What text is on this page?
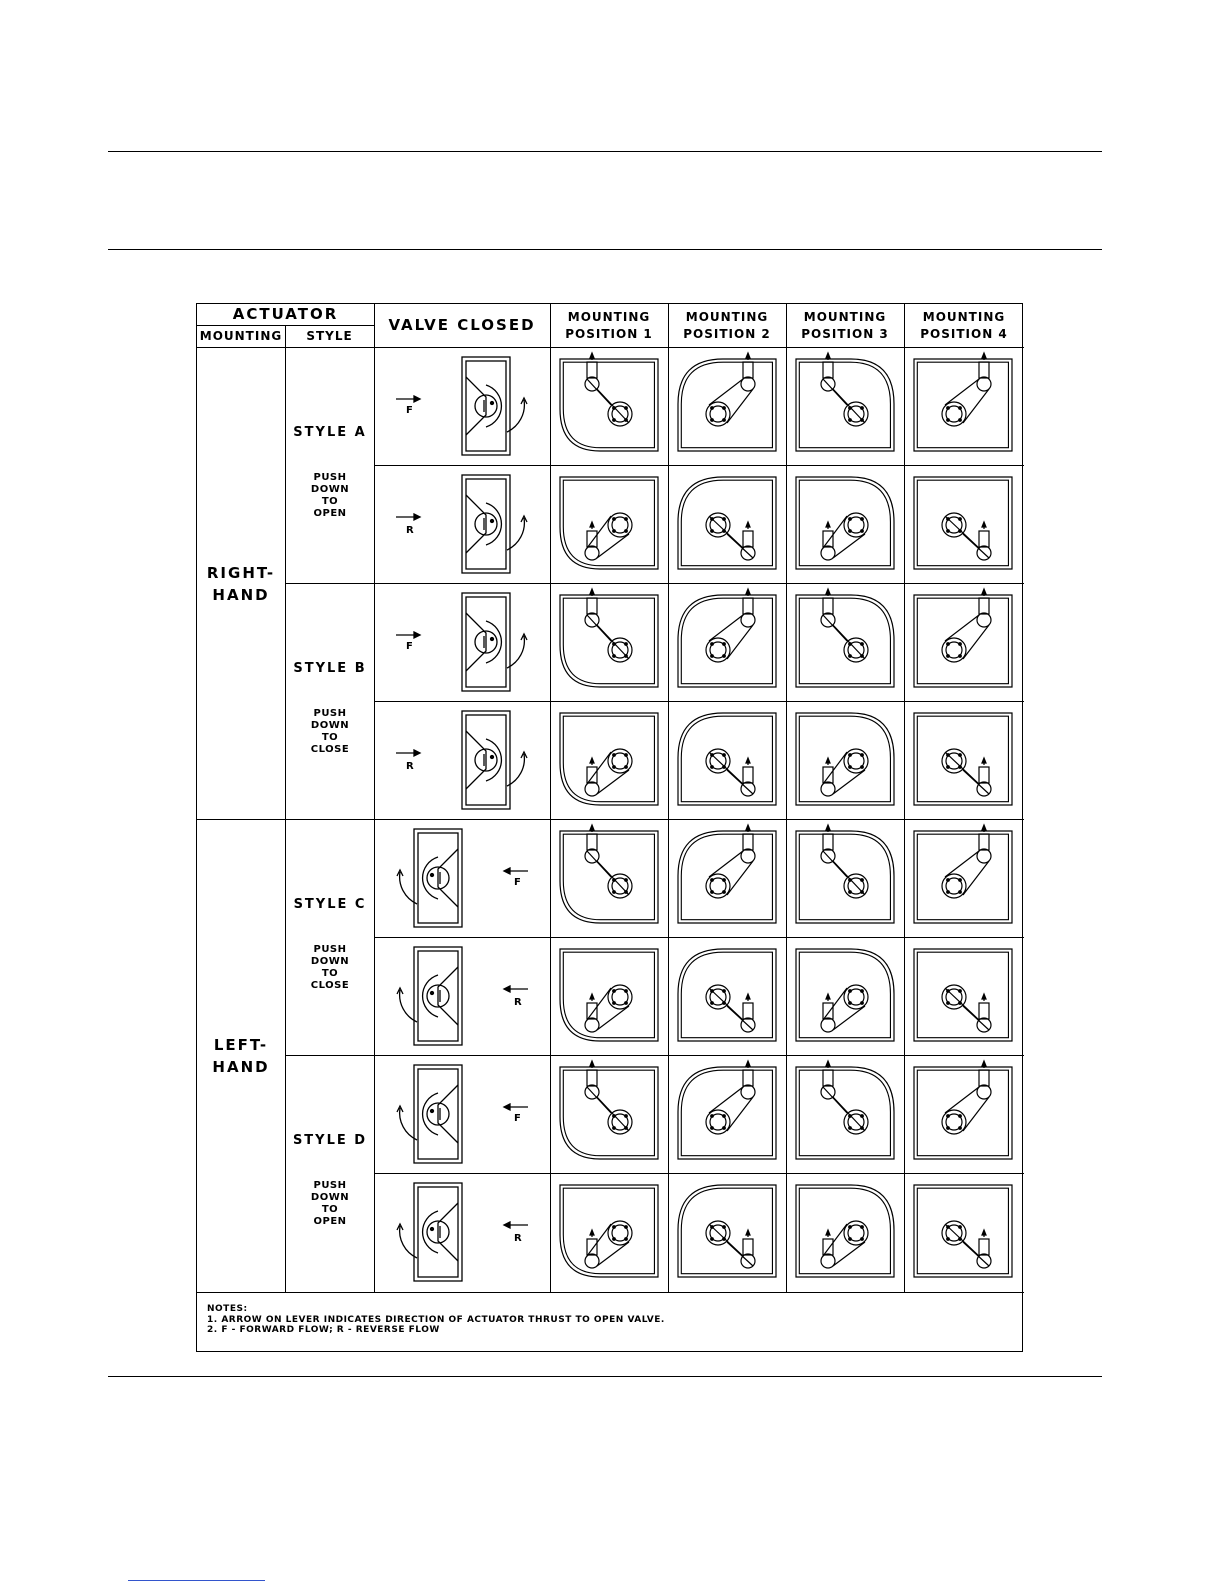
ACTUATOR
MOUNTING	STYLE
VALVE CLOSED	MOUNTING
POSITION 1
MOUNTING
POSITION 2
MOUNTING
POSITION 3
MOUNTING
POSITION 4
RIGHT-
HAND
LEFT-
HAND
STYLE A
PUSH
DOWN
TO
OPEN
STYLE B
PUSH
DOWN
TO
CLOSE
STYLE C
PUSH
DOWN
TO
CLOSE
STYLE D
PUSH
DOWN
TO
OPEN
F
R
F
R
F
R
F
R
NOTES:
1. ARROW ON LEVER INDICATES DIRECTION OF ACTUATOR THRUST TO OPEN VALVE.
2. F - FORWARD FLOW; R - REVERSE FLOW
